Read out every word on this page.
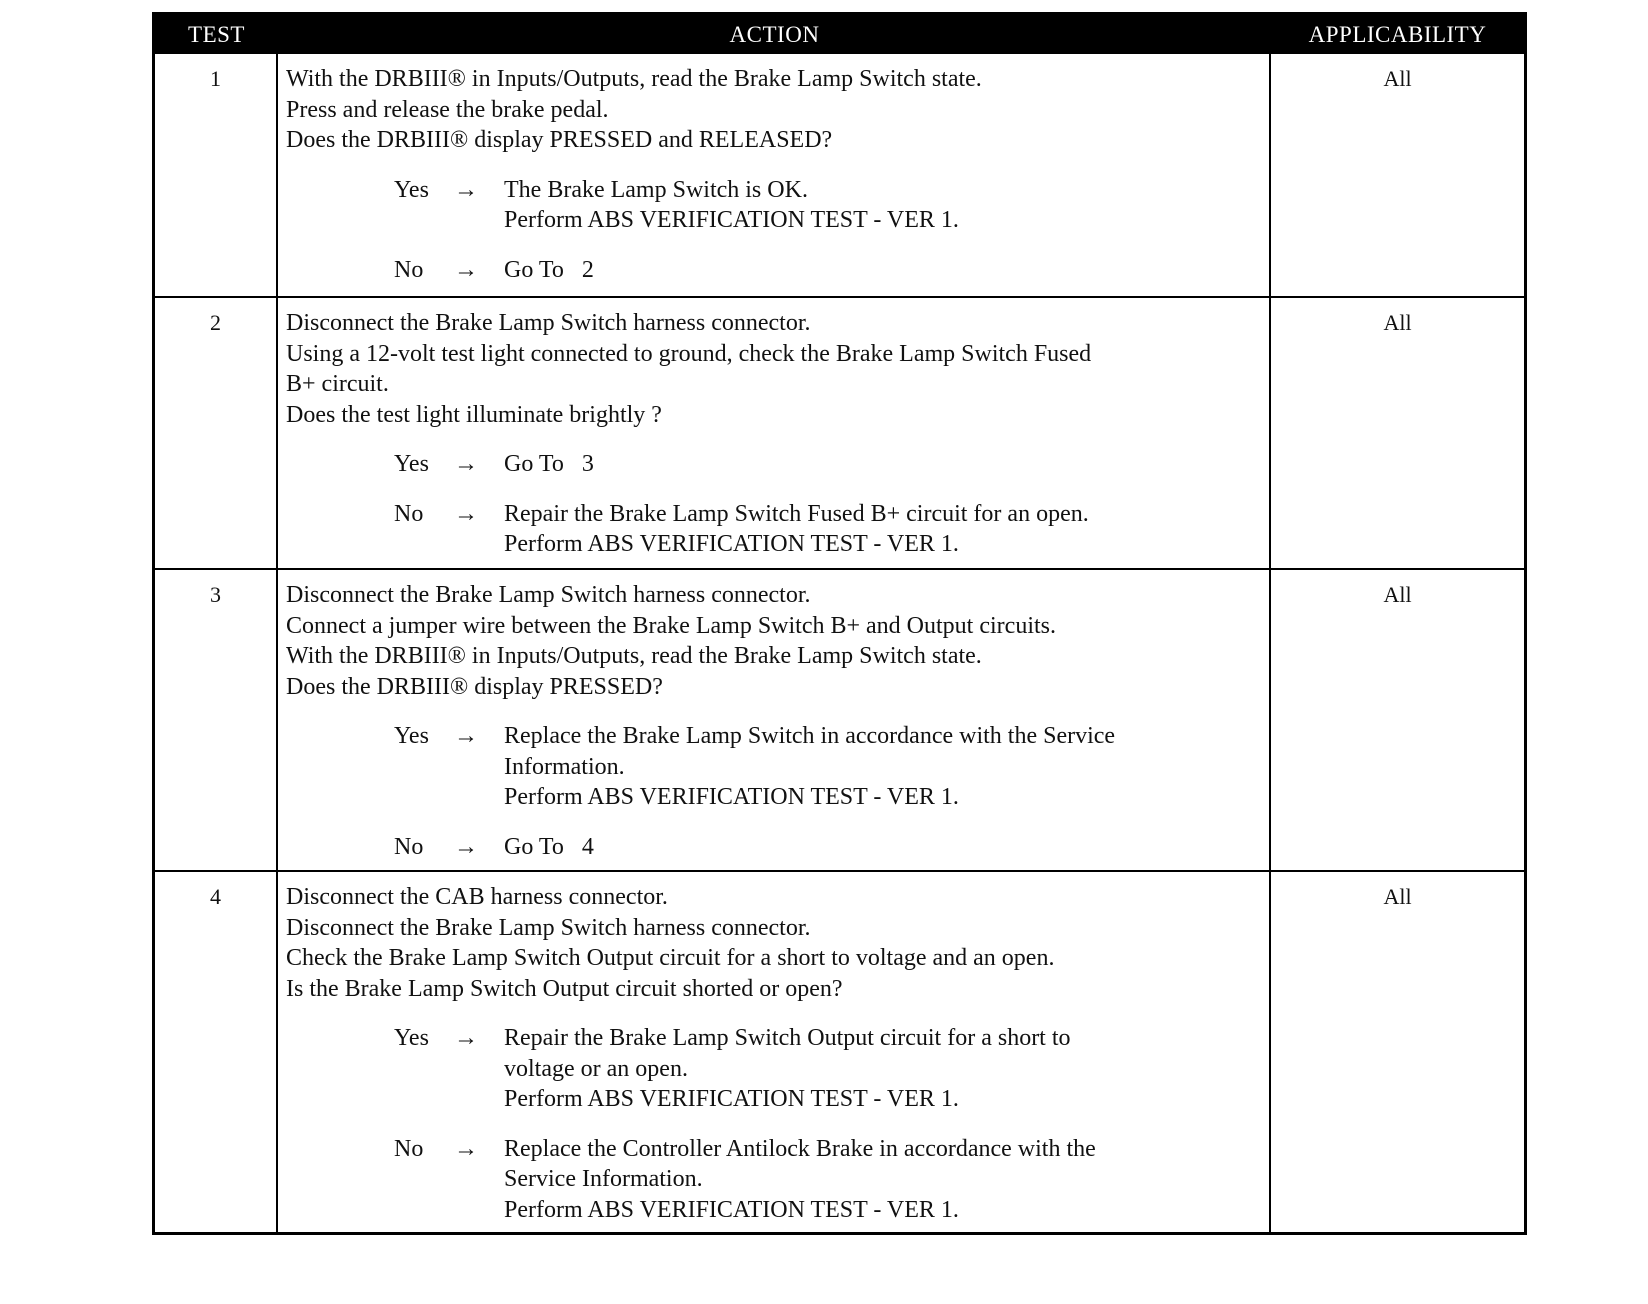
TEST	ACTION	APPLICABILITY
1	With the DRBIII® in Inputs/Outputs, read the Brake Lamp Switch state.
Press and release the brake pedal.
Does the DRBIII® display PRESSED and RELEASED?
Yes	→	The Brake Lamp Switch is OK.
Perform ABS VERIFICATION TEST - VER 1.
No	→	Go To   2
All
2	Disconnect the Brake Lamp Switch harness connector.
Using a 12-volt test light connected to ground, check the Brake Lamp Switch Fused
B+ circuit.
Does the test light illuminate brightly ?
Yes	→	Go To   3
No	→	Repair the Brake Lamp Switch Fused B+ circuit for an open.
Perform ABS VERIFICATION TEST - VER 1.
All
3	Disconnect the Brake Lamp Switch harness connector.
Connect a jumper wire between the Brake Lamp Switch B+ and Output circuits.
With the DRBIII® in Inputs/Outputs, read the Brake Lamp Switch state.
Does the DRBIII® display PRESSED?
Yes	→	Replace the Brake Lamp Switch in accordance with the Service
Information.
Perform ABS VERIFICATION TEST - VER 1.
No	→	Go To   4
All
4	Disconnect the CAB harness connector.
Disconnect the Brake Lamp Switch harness connector.
Check the Brake Lamp Switch Output circuit for a short to voltage and an open.
Is the Brake Lamp Switch Output circuit shorted or open?
Yes	→	Repair the Brake Lamp Switch Output circuit for a short to
voltage or an open.
Perform ABS VERIFICATION TEST - VER 1.
No	→	Replace the Controller Antilock Brake in accordance with the
Service Information.
Perform ABS VERIFICATION TEST - VER 1.
All
